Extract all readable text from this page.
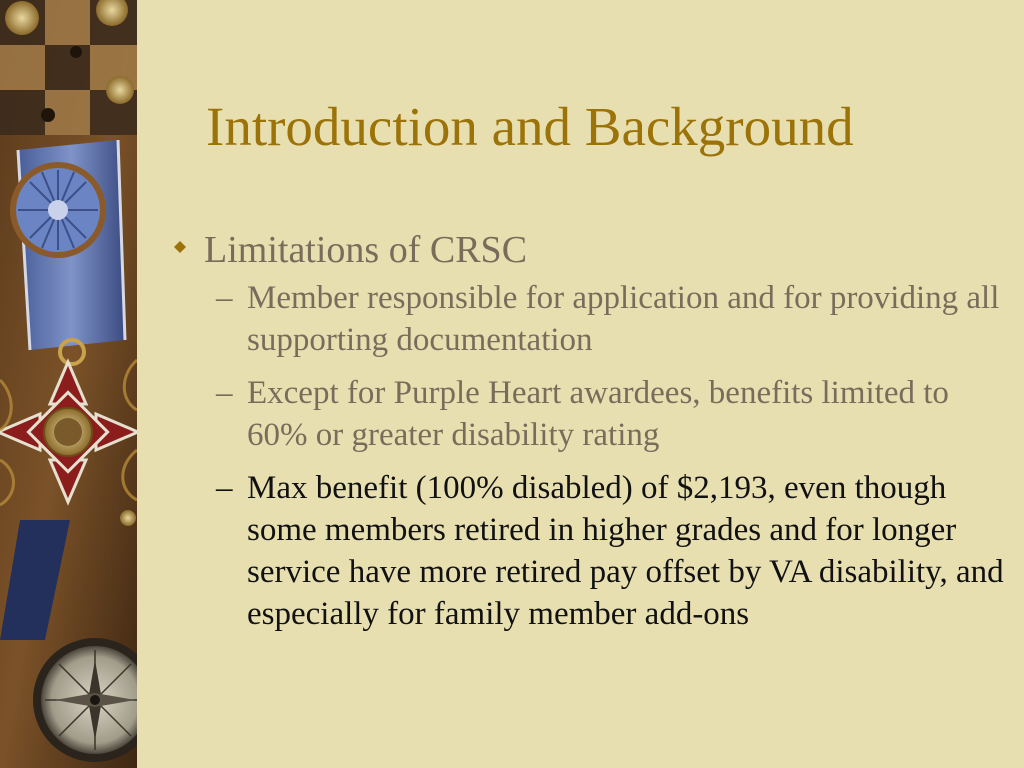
Introduction and Background
Limitations of CRSC
– Member responsible for application and for providing all supporting documentation
– Except for Purple Heart awardees, benefits limited to 60% or greater disability rating
– Max benefit (100% disabled) of $2,193, even though some members retired in higher grades and for longer service have more retired pay offset by VA disability, and especially for family member add-ons
